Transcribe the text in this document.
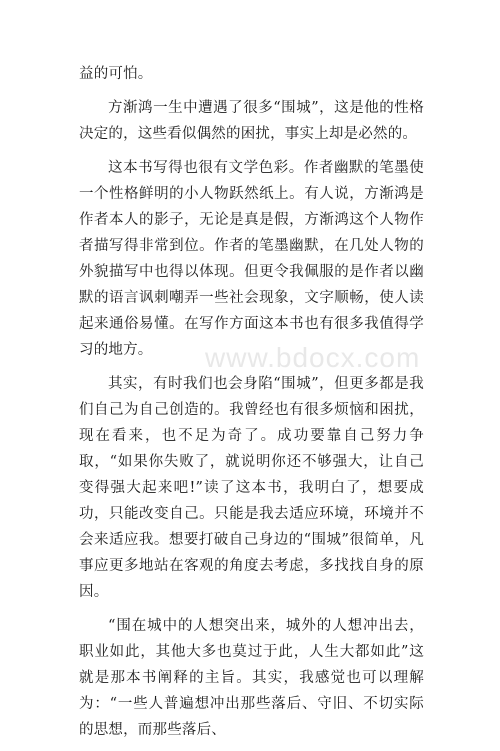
益的可怕。

方渐鸿一生中遭遇了很多“围城”，这是他的性格决定的，这些看似偶然的困扰，事实上却是必然的。

这本书写得也很有文学色彩。作者幽默的笔墨使一个性格鲜明的小人物跃然纸上。有人说，方渐鸿是作者本人的影子，无论是真是假，方渐鸿这个人物作者描写得非常到位。作者的笔墨幽默，在几处人物的外貌描写中也得以体现。但更令我佩服的是作者以幽默的语言讽刺嘲弄一些社会现象，文字顺畅，使人读起来通俗易懂。在写作方面这本书也有很多我值得学习的地方。

其实，有时我们也会身陷“围城”，但更多都是我们自己为自己创造的。我曾经也有很多烦恼和困扰，现在看来，也不足为奇了。成功要靠自己努力争取，“如果你失败了，就说明你还不够强大，让自己变得强大起来吧!”读了这本书，我明白了，想要成功，只能改变自己。只能是我去适应环境，环境并不会来适应我。想要打破自己身边的“围城”很简单，凡事应更多地站在客观的角度去考虑，多找找自身的原因。

“围在城中的人想突出来，城外的人想冲出去，职业如此，其他大多也莫过于此，人生大都如此”这就是那本书阐释的主旨。其实，我感觉也可以理解为：“一些人普遍想冲出那些落后、守旧、不切实际的思想，而那些落后、

www.bdocx.com
